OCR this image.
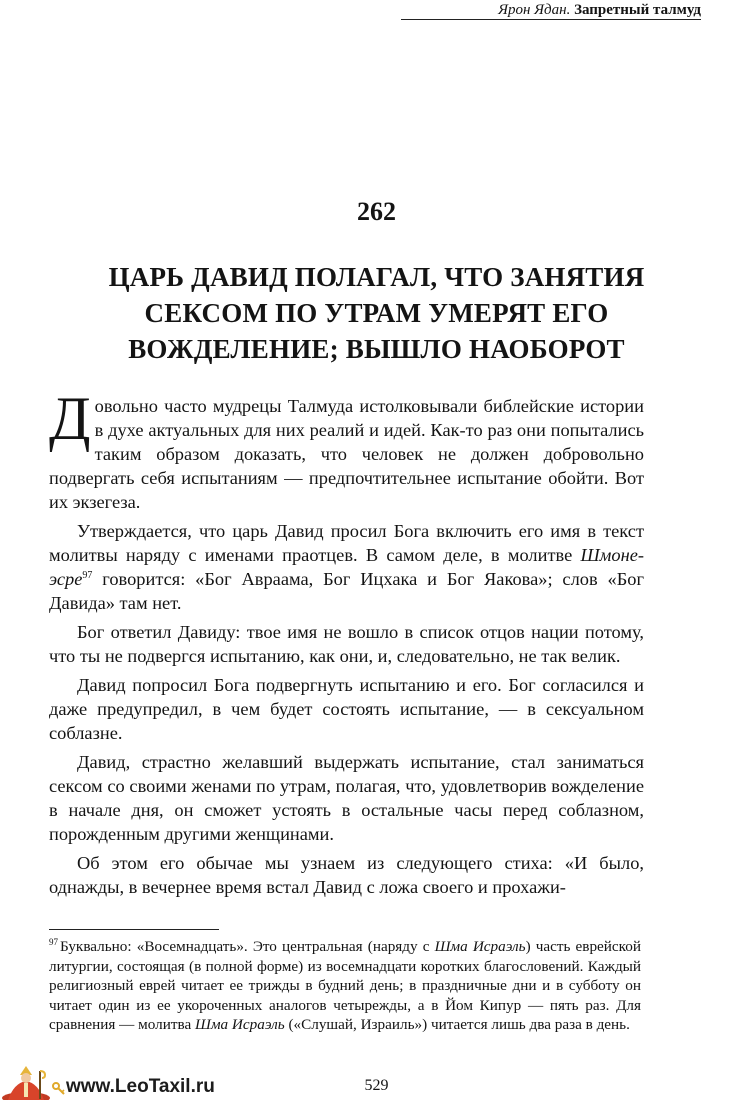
Ярон Ядан. Запретный талмуд
262
ЦАРЬ ДАВИД ПОЛАГАЛ, ЧТО ЗАНЯТИЯ
СЕКСОМ ПО УТРАМ УМЕРЯТ ЕГО
ВОЖДЕЛЕНИЕ; ВЫШЛО НАОБОРОТ

Довольно часто мудрецы Талмуда истолковывали библейские истории в духе актуальных для них реалий и идей. Как-то раз они попытались таким образом доказать, что человек не должен добровольно подвергать себя испытаниям — предпочтительнее испытание обойти. Вот их экзегеза.

Утверждается, что царь Давид просил Бога включить его имя в текст молитвы наряду с именами праотцев. В самом деле, в молитве Шмоне-эсре$^{97}$ говорится: «Бог Авраама, Бог Ицхака и Бог Яакова»; слов «Бог Давида» там нет.

Бог ответил Давиду: твое имя не вошло в список отцов нации потому, что ты не подвергся испытанию, как они, и, следовательно, не так велик.

Давид попросил Бога подвергнуть испытанию и его. Бог согласился и даже предупредил, в чем будет состоять испытание, — в сексуальном соблазне.

Давид, страстно желавший выдержать испытание, стал заниматься сексом со своими женами по утрам, полагая, что, удовлетворив вожделение в начале дня, он сможет устоять в остальные часы перед соблазном, порожденным другими женщинами.

Об этом его обычае мы узнаем из следующего стиха: «И было, однажды, в вечернее время встал Давид с ложа своего и прохажи-

$^{97}$ Буквально: «Восемнадцать». Это центральная (наряду с Шма Исраэль) часть еврейской литургии, состоящая (в полной форме) из восемнадцати коротких благословений. Каждый религиозный еврей читает ее трижды в будний день; в праздничные дни и в субботу он читает один из ее укороченных аналогов четырежды, а в Йом Кипур — пять раз. Для сравнения — молитва Шма Исраэль («Слушай, Израиль») читается лишь два раза в день.
529
www.LeoTaxil.ru
